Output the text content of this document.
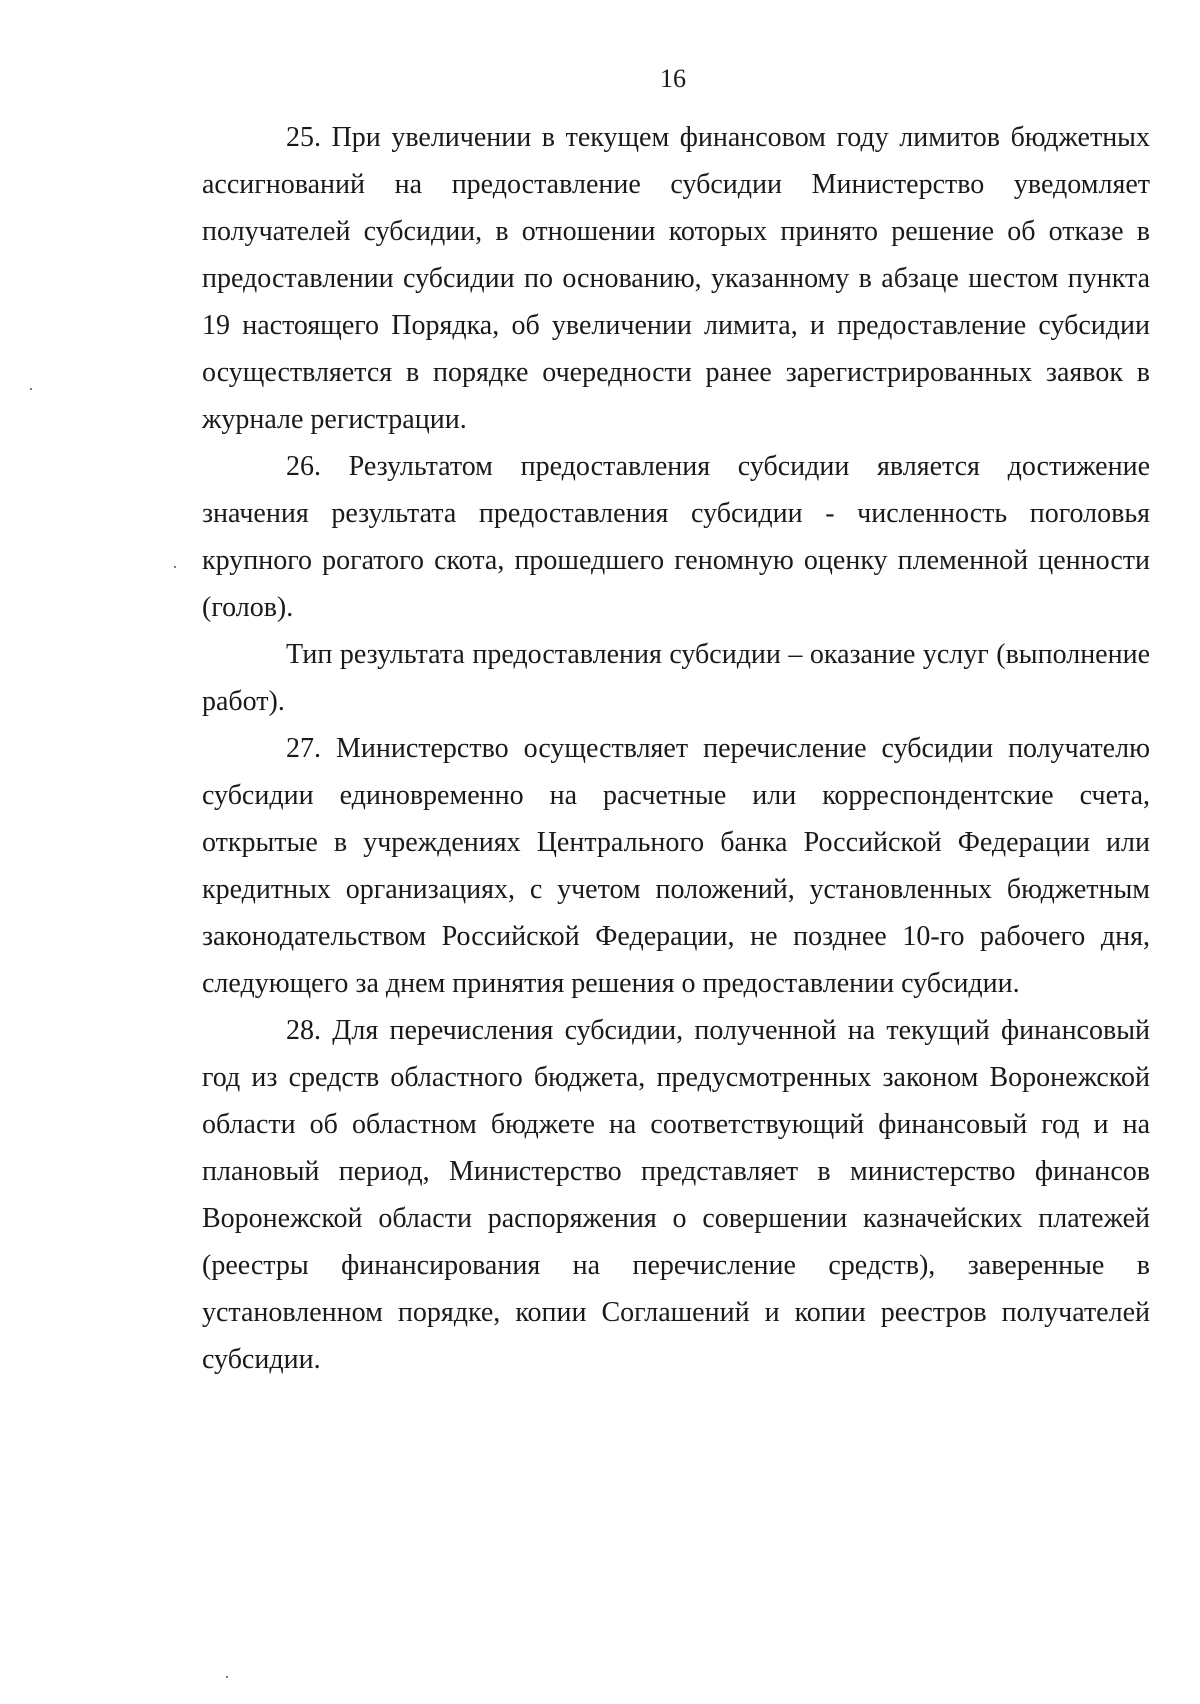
16

25. При увеличении в текущем финансовом году лимитов бюджетных ассигнований на предоставление субсидии Министерство уведомляет получателей субсидии, в отношении которых принято решение об отказе в предоставлении субсидии по основанию, указанному в абзаце шестом пункта 19 настоящего Порядка, об увеличении лимита, и предоставление субсидии осуществляется в порядке очередности ранее зарегистрированных заявок в журнале регистрации.

26. Результатом предоставления субсидии является достижение значения результата предоставления субсидии - численность поголовья крупного рогатого скота, прошедшего геномную оценку племенной ценности (голов).

Тип результата предоставления субсидии – оказание услуг (выполнение работ).

27. Министерство осуществляет перечисление субсидии получателю субсидии единовременно на расчетные или корреспондентские счета, открытые в учреждениях Центрального банка Российской Федерации или кредитных организациях, с учетом положений, установленных бюджетным законодательством Российской Федерации, не позднее 10-го рабочего дня, следующего за днем принятия решения о предоставлении субсидии.

28. Для перечисления субсидии, полученной на текущий финансовый год из средств областного бюджета, предусмотренных законом Воронежской области об областном бюджете на соответствующий финансовый год и на плановый период, Министерство представляет в министерство финансов Воронежской области распоряжения о совершении казначейских платежей (реестры финансирования на перечисление средств), заверенные в установленном порядке, копии Соглашений и копии реестров получателей субсидии.
